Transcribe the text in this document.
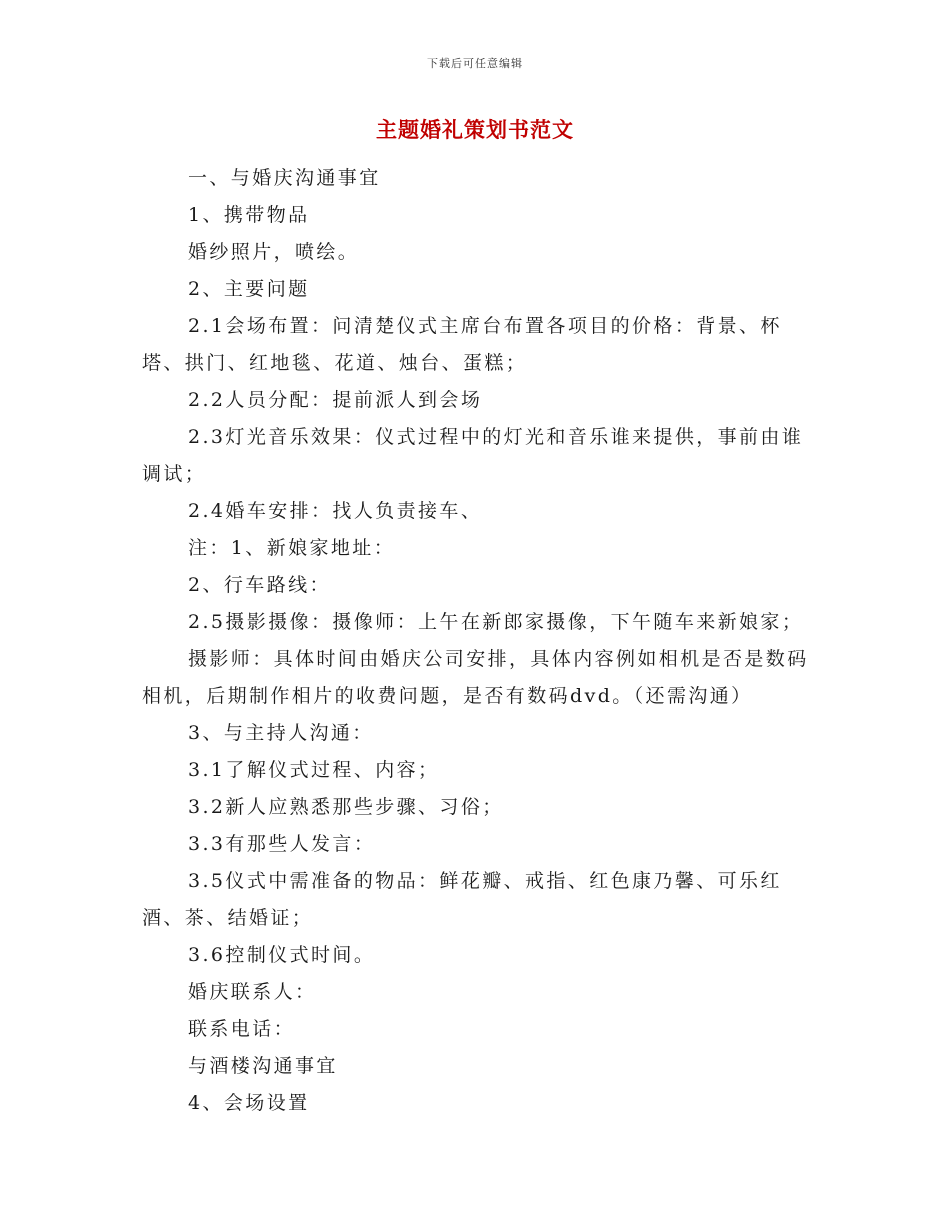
下载后可任意编辑
主题婚礼策划书范文

一、与婚庆沟通事宜

1、携带物品

婚纱照片，喷绘。

2、主要问题

2.1会场布置：问清楚仪式主席台布置各项目的价格：背景、杯塔、拱门、红地毯、花道、烛台、蛋糕；

2.2人员分配：提前派人到会场

2.3灯光音乐效果：仪式过程中的灯光和音乐谁来提供，事前由谁调试；

2.4婚车安排：找人负责接车、

注：1、新娘家地址：

2、行车路线：

2.5摄影摄像：摄像师：上午在新郎家摄像，下午随车来新娘家；

摄影师：具体时间由婚庆公司安排，具体内容例如相机是否是数码相机，后期制作相片的收费问题，是否有数码dvd。（还需沟通）

3、与主持人沟通：

3.1了解仪式过程、内容；

3.2新人应熟悉那些步骤、习俗；

3.3有那些人发言：

3.5仪式中需准备的物品：鲜花瓣、戒指、红色康乃馨、可乐红酒、茶、结婚证；

3.6控制仪式时间。

婚庆联系人：

联系电话：

与酒楼沟通事宜

4、会场设置
